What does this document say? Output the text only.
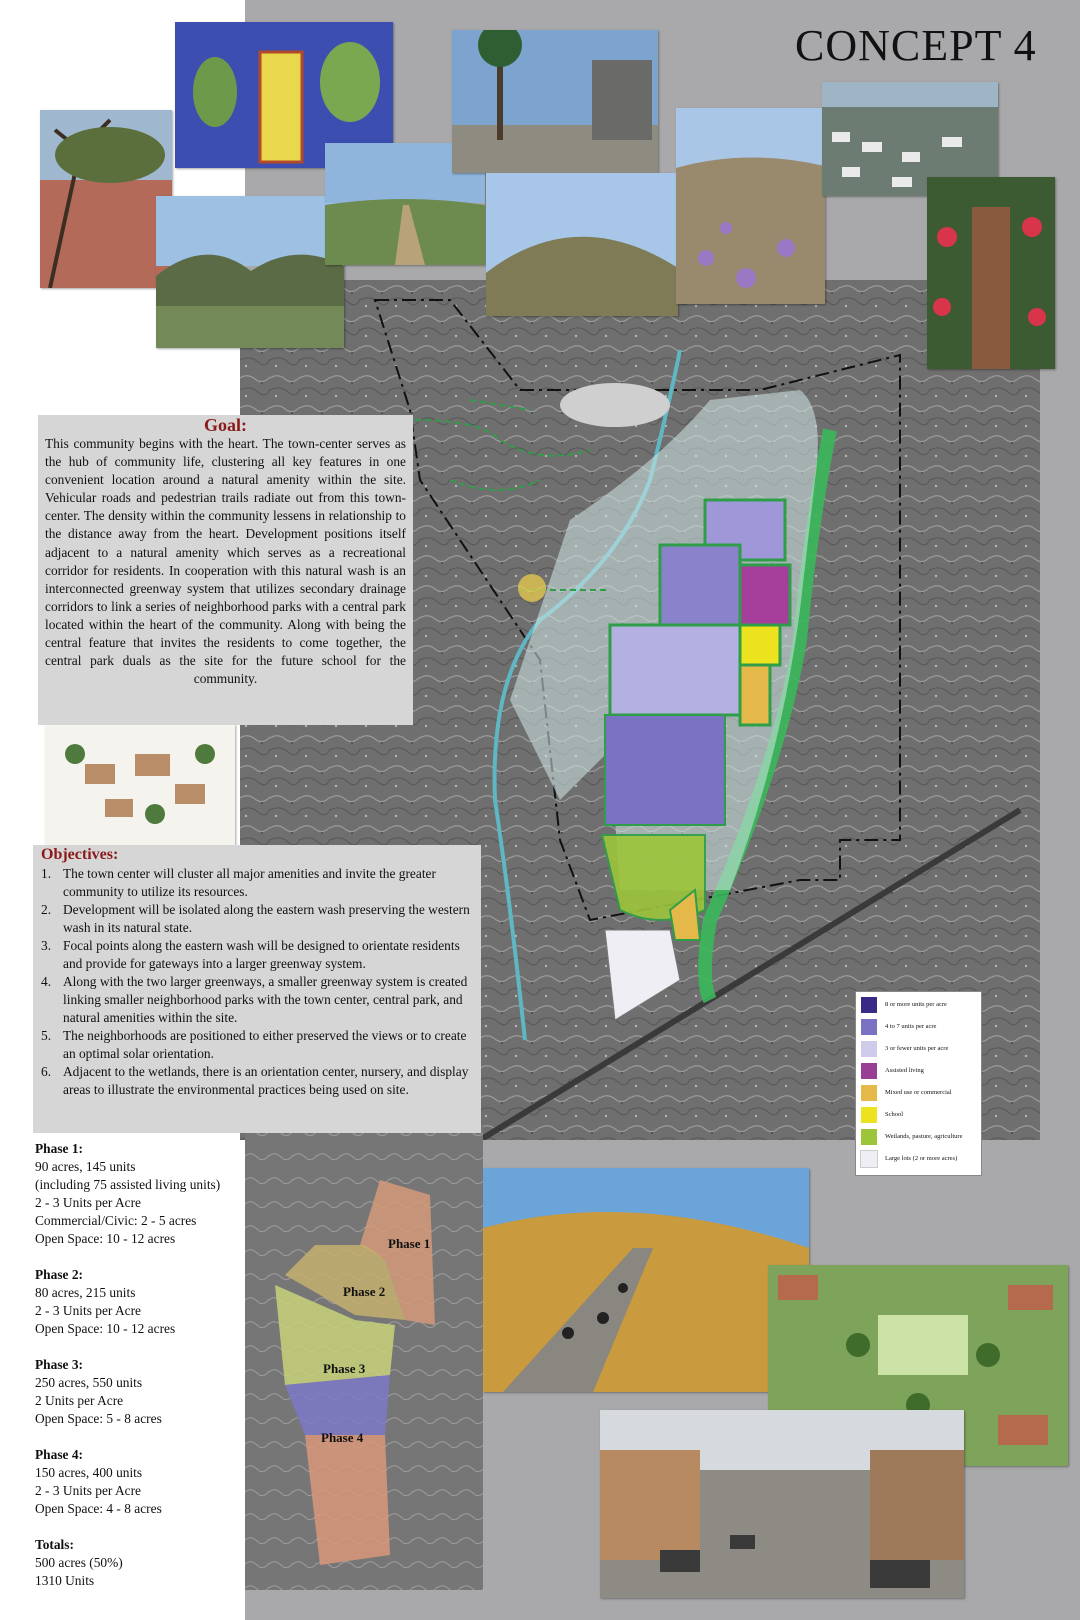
CONCEPT 4
8 or more units per acre
4 to 7 units per acre
3 or fewer units per acre
Assisted living
Mixed use or commercial
School
Wetlands, pasture, agriculture
Large lots (2 or more acres)
Phase 1
Phase 2
Phase 3
Phase 4
Goal:

This community begins with the heart. The town-center serves as the hub of community life, clustering all key features in one convenient location around a natural amenity within the site. Vehicular roads and pedestrian trails radiate out from this town-center. The density within the community lessens in relationship to the distance away from the heart. Development positions itself adjacent to a natural amenity which serves as a recreational corridor for residents. In cooperation with this natural wash is an interconnected greenway system that utilizes secondary drainage corridors to link a series of neighborhood parks with a central park located within the heart of the community. Along with being the central feature that invites the residents to come together, the central park duals as the site for the future school for the community.

Objectives:
1. The town center will cluster all major amenities and invite the greater community to utilize its resources.
2. Development will be isolated along the eastern wash preserving the western wash in its natural state.
3. Focal points along the eastern wash will be designed to orientate residents and provide for gateways into a larger greenway system.
4. Along with the two larger greenways, a smaller greenway system is created linking smaller neighborhood parks with the town center, central park, and natural amenities within the site.
5. The neighborhoods are positioned to either preserved the views or to create an optimal solar orientation.
6. Adjacent to the wetlands, there is an orientation center, nursery, and display areas to illustrate the environmental practices being used on site.
Phase 1:
90 acres, 145 units
(including 75 assisted living units)
2 - 3 Units per Acre
Commercial/Civic: 2 - 5 acres
Open Space: 10 - 12 acres
Phase 2:
80 acres, 215 units
2 - 3 Units per Acre
Open Space: 10 - 12 acres
Phase 3:
250 acres, 550 units
2 Units per Acre
Open Space: 5 - 8 acres
Phase 4:
150 acres, 400 units
2 - 3 Units per Acre
Open Space: 4 - 8 acres
Totals:
500 acres (50%)
1310 Units
